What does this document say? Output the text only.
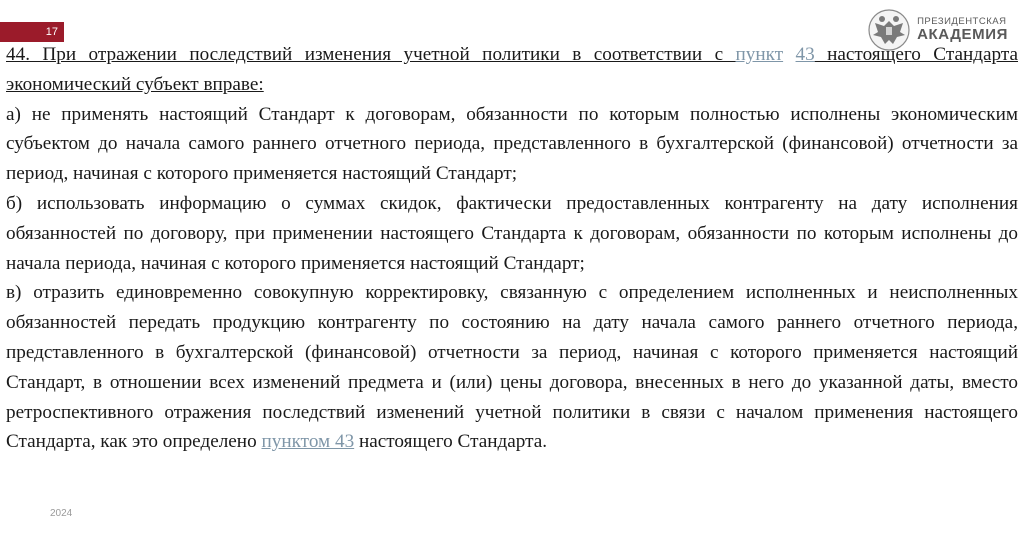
17
ПРЕЗИДЕНТСКАЯ
АКАДЕМИЯ

44. При отражении последствий изменения учетной политики в соответствии с пункт 43 настоящего Стандарта экономический субъект вправе:

а) не применять настоящий Стандарт к договорам, обязанности по которым полностью исполнены экономическим субъектом до начала самого раннего отчетного периода, представленного в бухгалтерской (финансовой) отчетности за период, начиная с которого применяется настоящий Стандарт;

б) использовать информацию о суммах скидок, фактически предоставленных контрагенту на дату исполнения обязанностей по договору, при применении настоящего Стандарта к договорам, обязанности по которым исполнены до начала периода, начиная с которого применяется настоящий Стандарт;

в) отразить единовременно совокупную корректировку, связанную с определением исполненных и неисполненных обязанностей передать продукцию контрагенту по состоянию на дату начала самого раннего отчетного периода, представленного в бухгалтерской (финансовой) отчетности за период, начиная с которого применяется настоящий Стандарт, в отношении всех изменений предмета и (или) цены договора, внесенных в него до указанной даты, вместо ретроспективного отражения последствий изменений учетной политики в связи с началом применения настоящего Стандарта, как это определено пунктом 43 настоящего Стандарта.

2024
